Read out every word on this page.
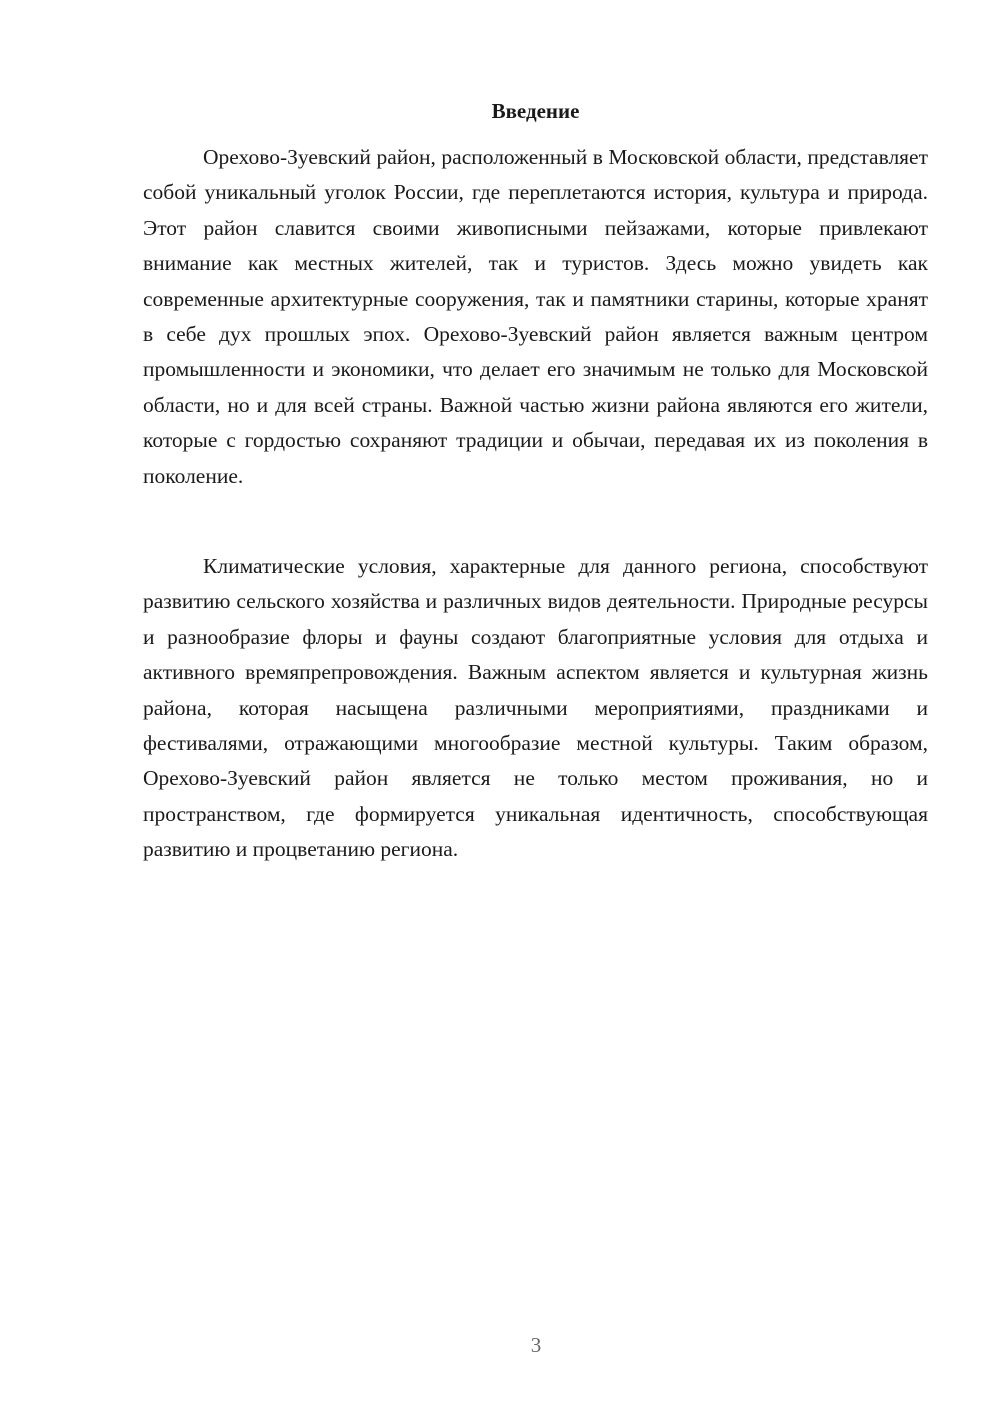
Введение

Орехово-Зуевский район, расположенный в Московской области, представляет собой уникальный уголок России, где переплетаются история, культура и природа. Этот район славится своими живописными пейзажами, которые привлекают внимание как местных жителей, так и туристов. Здесь можно увидеть как современные архитектурные сооружения, так и памятники старины, которые хранят в себе дух прошлых эпох. Орехово-Зуевский район является важным центром промышленности и экономики, что делает его значимым не только для Московской области, но и для всей страны. Важной частью жизни района являются его жители, которые с гордостью сохраняют традиции и обычаи, передавая их из поколения в поколение.

Климатические условия, характерные для данного региона, способствуют развитию сельского хозяйства и различных видов деятельности. Природные ресурсы и разнообразие флоры и фауны создают благоприятные условия для отдыха и активного времяпрепровождения. Важным аспектом является и культурная жизнь района, которая насыщена различными мероприятиями, праздниками и фестивалями, отражающими многообразие местной культуры. Таким образом, Орехово-Зуевский район является не только местом проживания, но и пространством, где формируется уникальная идентичность, способствующая развитию и процветанию региона.

3
